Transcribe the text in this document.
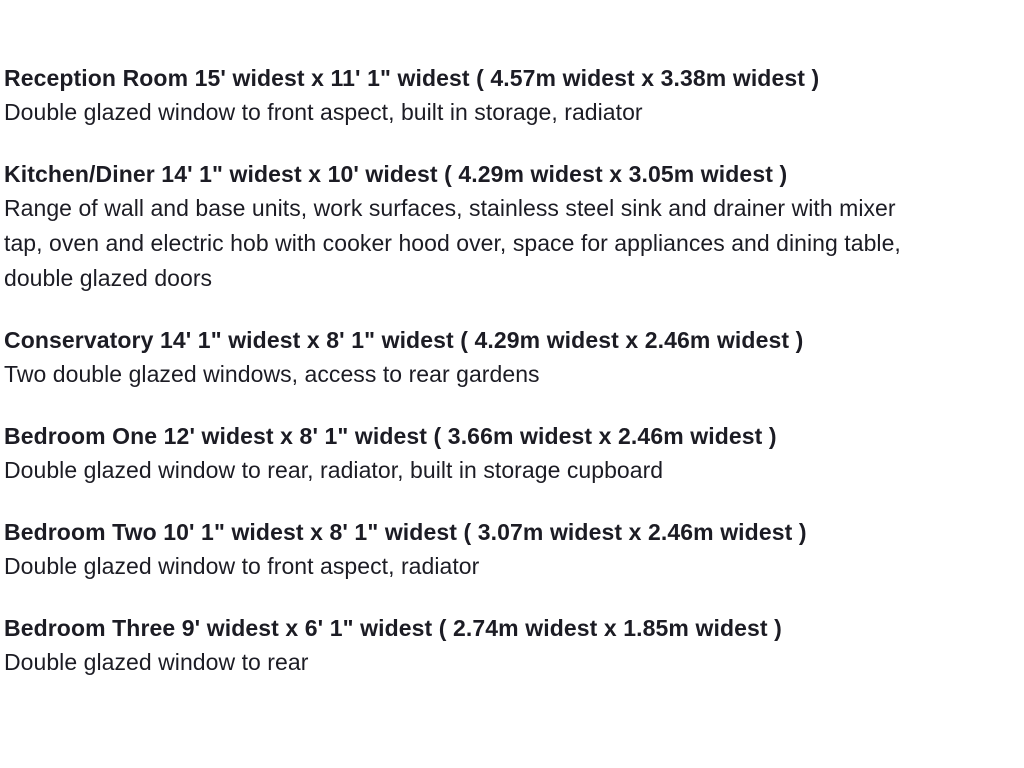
Reception Room 15' widest x 11' 1" widest ( 4.57m widest x 3.38m widest )
Double glazed window to front aspect, built in storage, radiator
Kitchen/Diner 14' 1" widest x 10' widest ( 4.29m widest x 3.05m widest )
Range of wall and base units, work surfaces, stainless steel sink and drainer with mixer
tap, oven and electric hob with cooker hood over, space for appliances and dining table,
double glazed doors
Conservatory 14' 1" widest x 8' 1" widest ( 4.29m widest x 2.46m widest )
Two double glazed windows, access to rear gardens
Bedroom One 12' widest x 8' 1" widest ( 3.66m widest x 2.46m widest )
Double glazed window to rear, radiator, built in storage cupboard
Bedroom Two 10' 1" widest x 8' 1" widest ( 3.07m widest x 2.46m widest )
Double glazed window to front aspect, radiator
Bedroom Three 9' widest x 6' 1" widest ( 2.74m widest x 1.85m widest )
Double glazed window to rear
